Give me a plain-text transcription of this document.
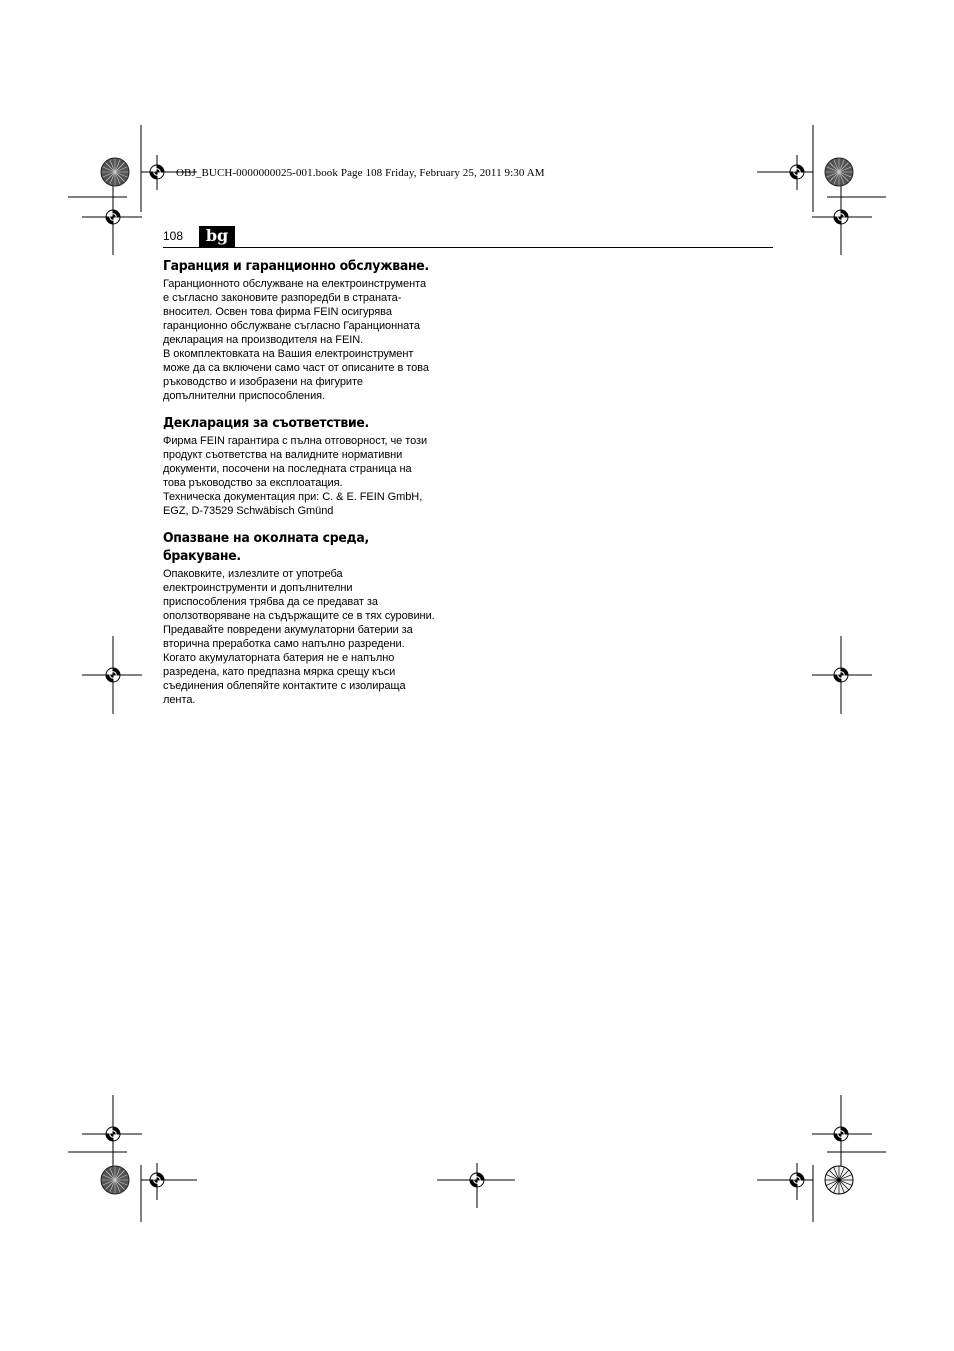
OBJ_BUCH-0000000025-001.book Page 108 Friday, February 25, 2011 9:30 AM
108	bg
Гаранция и гаранционно обслужване.
Гаранционното обслужване на електроинструмента
е съгласно законовите разпоредби в страната-
вносител. Освен това фирма FEIN осигурява
гаранционно обслужване съгласно Гаранционната
декларация на производителя на FEIN.
В окомплектовката на Вашия електроинструмент
може да са включени само част от описаните в това
ръководство и изобразени на фигурите
допълнителни приспособления.
Декларация за съответствие.
Фирма FEIN гарантира с пълна отговорност, че този
продукт съответства на валидните нормативни
документи, посочени на последната страница на
това ръководство за експлоатация.
Техническа документация при: C. & E. FEIN GmbH,
EGZ, D-73529 Schwäbisch Gmünd
Опазване на околната среда,
бракуване.
Опаковките, излезлите от употреба
електроинструменти и допълнителни
приспособления трябва да се предават за
оползотворяване на съдържащите се в тях суровини.
Предавайте повредени акумулаторни батерии за
вторична преработка само напълно разредени.
Когато акумулаторната батерия не е напълно
разредена, като предпазна мярка срещу къси
съединения облепяйте контактите с изолираща
лента.
